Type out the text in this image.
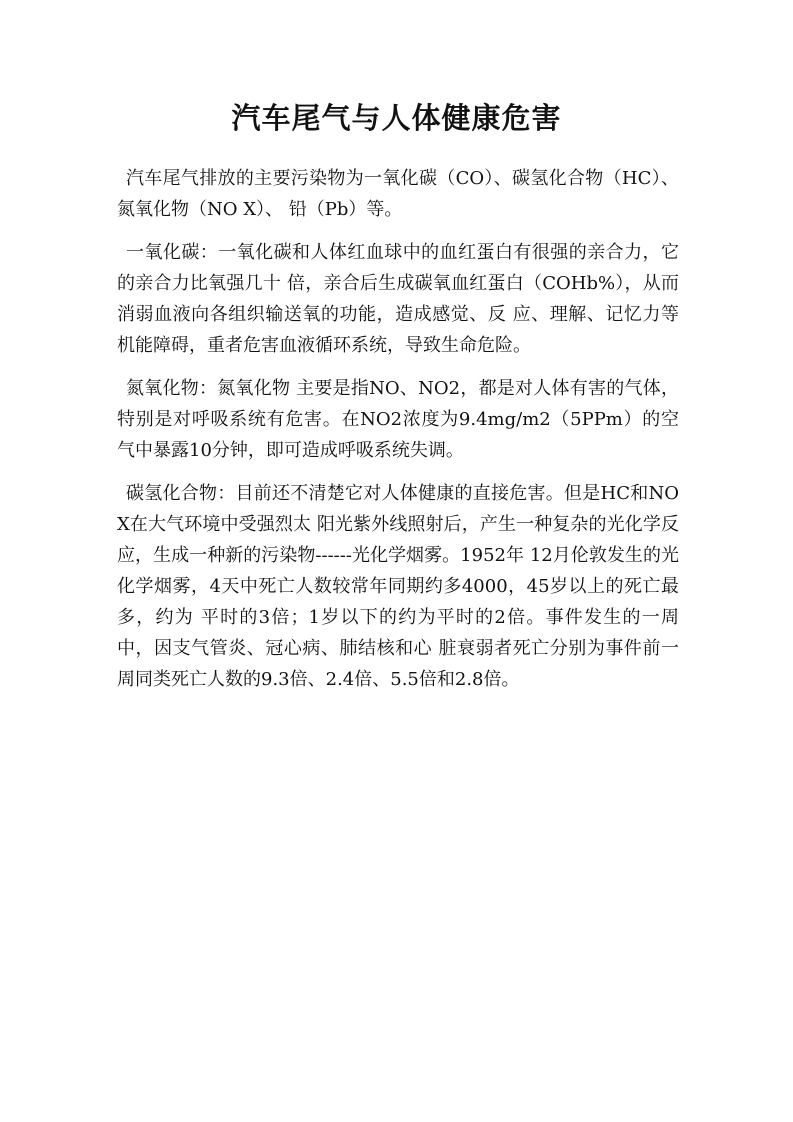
汽车尾气与人体健康危害

汽车尾气排放的主要污染物为一氧化碳（CO）、碳氢化合物（HC）、氮氧化物（NO X）、 铅（Pb）等。

一氧化碳：一氧化碳和人体红血球中的血红蛋白有很强的亲合力，它的亲合力比氧强几十 倍，亲合后生成碳氧血红蛋白（COHb%），从而消弱血液向各组织输送氧的功能，造成感觉、反 应、理解、记忆力等机能障碍，重者危害血液循环系统，导致生命危险。

氮氧化物：氮氧化物 主要是指NO、NO2，都是对人体有害的气体，特别是对呼吸系统有危害。在NO2浓度为9.4mg/m2（5PPm）的空气中暴露10分钟，即可造成呼吸系统失调。

碳氢化合物：目前还不清楚它对人体健康的直接危害。但是HC和NOX在大气环境中受强烈太 阳光紫外线照射后，产生一种复杂的光化学反应，生成一种新的污染物------光化学烟雾。1952年 12月伦敦发生的光化学烟雾，4天中死亡人数较常年同期约多4000，45岁以上的死亡最多，约为 平时的3倍；1岁以下的约为平时的2倍。事件发生的一周中，因支气管炎、冠心病、肺结核和心 脏衰弱者死亡分别为事件前一周同类死亡人数的9.3倍、2.4倍、5.5倍和2.8倍。
